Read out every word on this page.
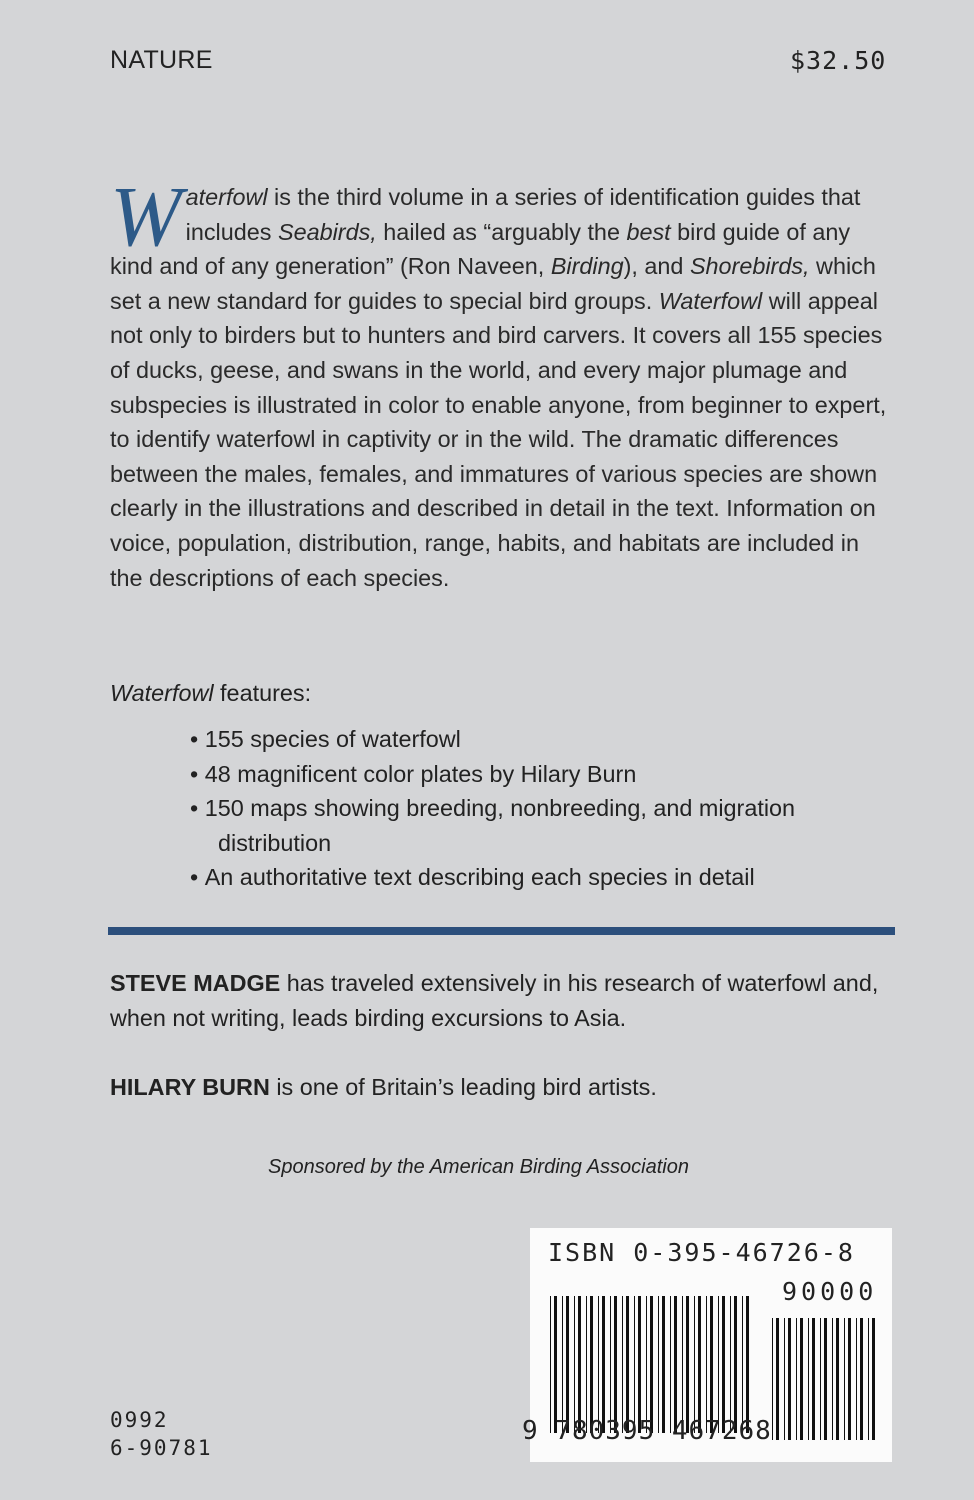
NATURE	$32.50
W aterfowl is the third volume in a series of identification guides that includes Seabirds, hailed as “arguably the best bird guide of any kind and of any generation” (Ron Naveen, Birding), and Shorebirds, which set a new standard for guides to special bird groups. Waterfowl will appeal not only to birders but to hunters and bird carvers. It covers all 155 species of ducks, geese, and swans in the world, and every major plumage and subspecies is illustrated in color to enable anyone, from beginner to expert, to identify waterfowl in captivity or in the wild. The dramatic differences between the males, females, and immatures of various species are shown clearly in the illustrations and described in detail in the text. Information on voice, population, distribution, range, habits, and habitats are included in the descriptions of each species.
Waterfowl features:
• 155 species of waterfowl
• 48 magnificent color plates by Hilary Burn
• 150 maps showing breeding, nonbreeding, and migration distribution
• An authoritative text describing each species in detail
STEVE MADGE has traveled extensively in his research of waterfowl and, when not writing, leads birding excursions to Asia.
HILARY BURN is one of Britain’s leading bird artists.
Sponsored by the American Birding Association
ISBN 0-395-46726-8
90000
9 780395 467268
0992
6-90781
